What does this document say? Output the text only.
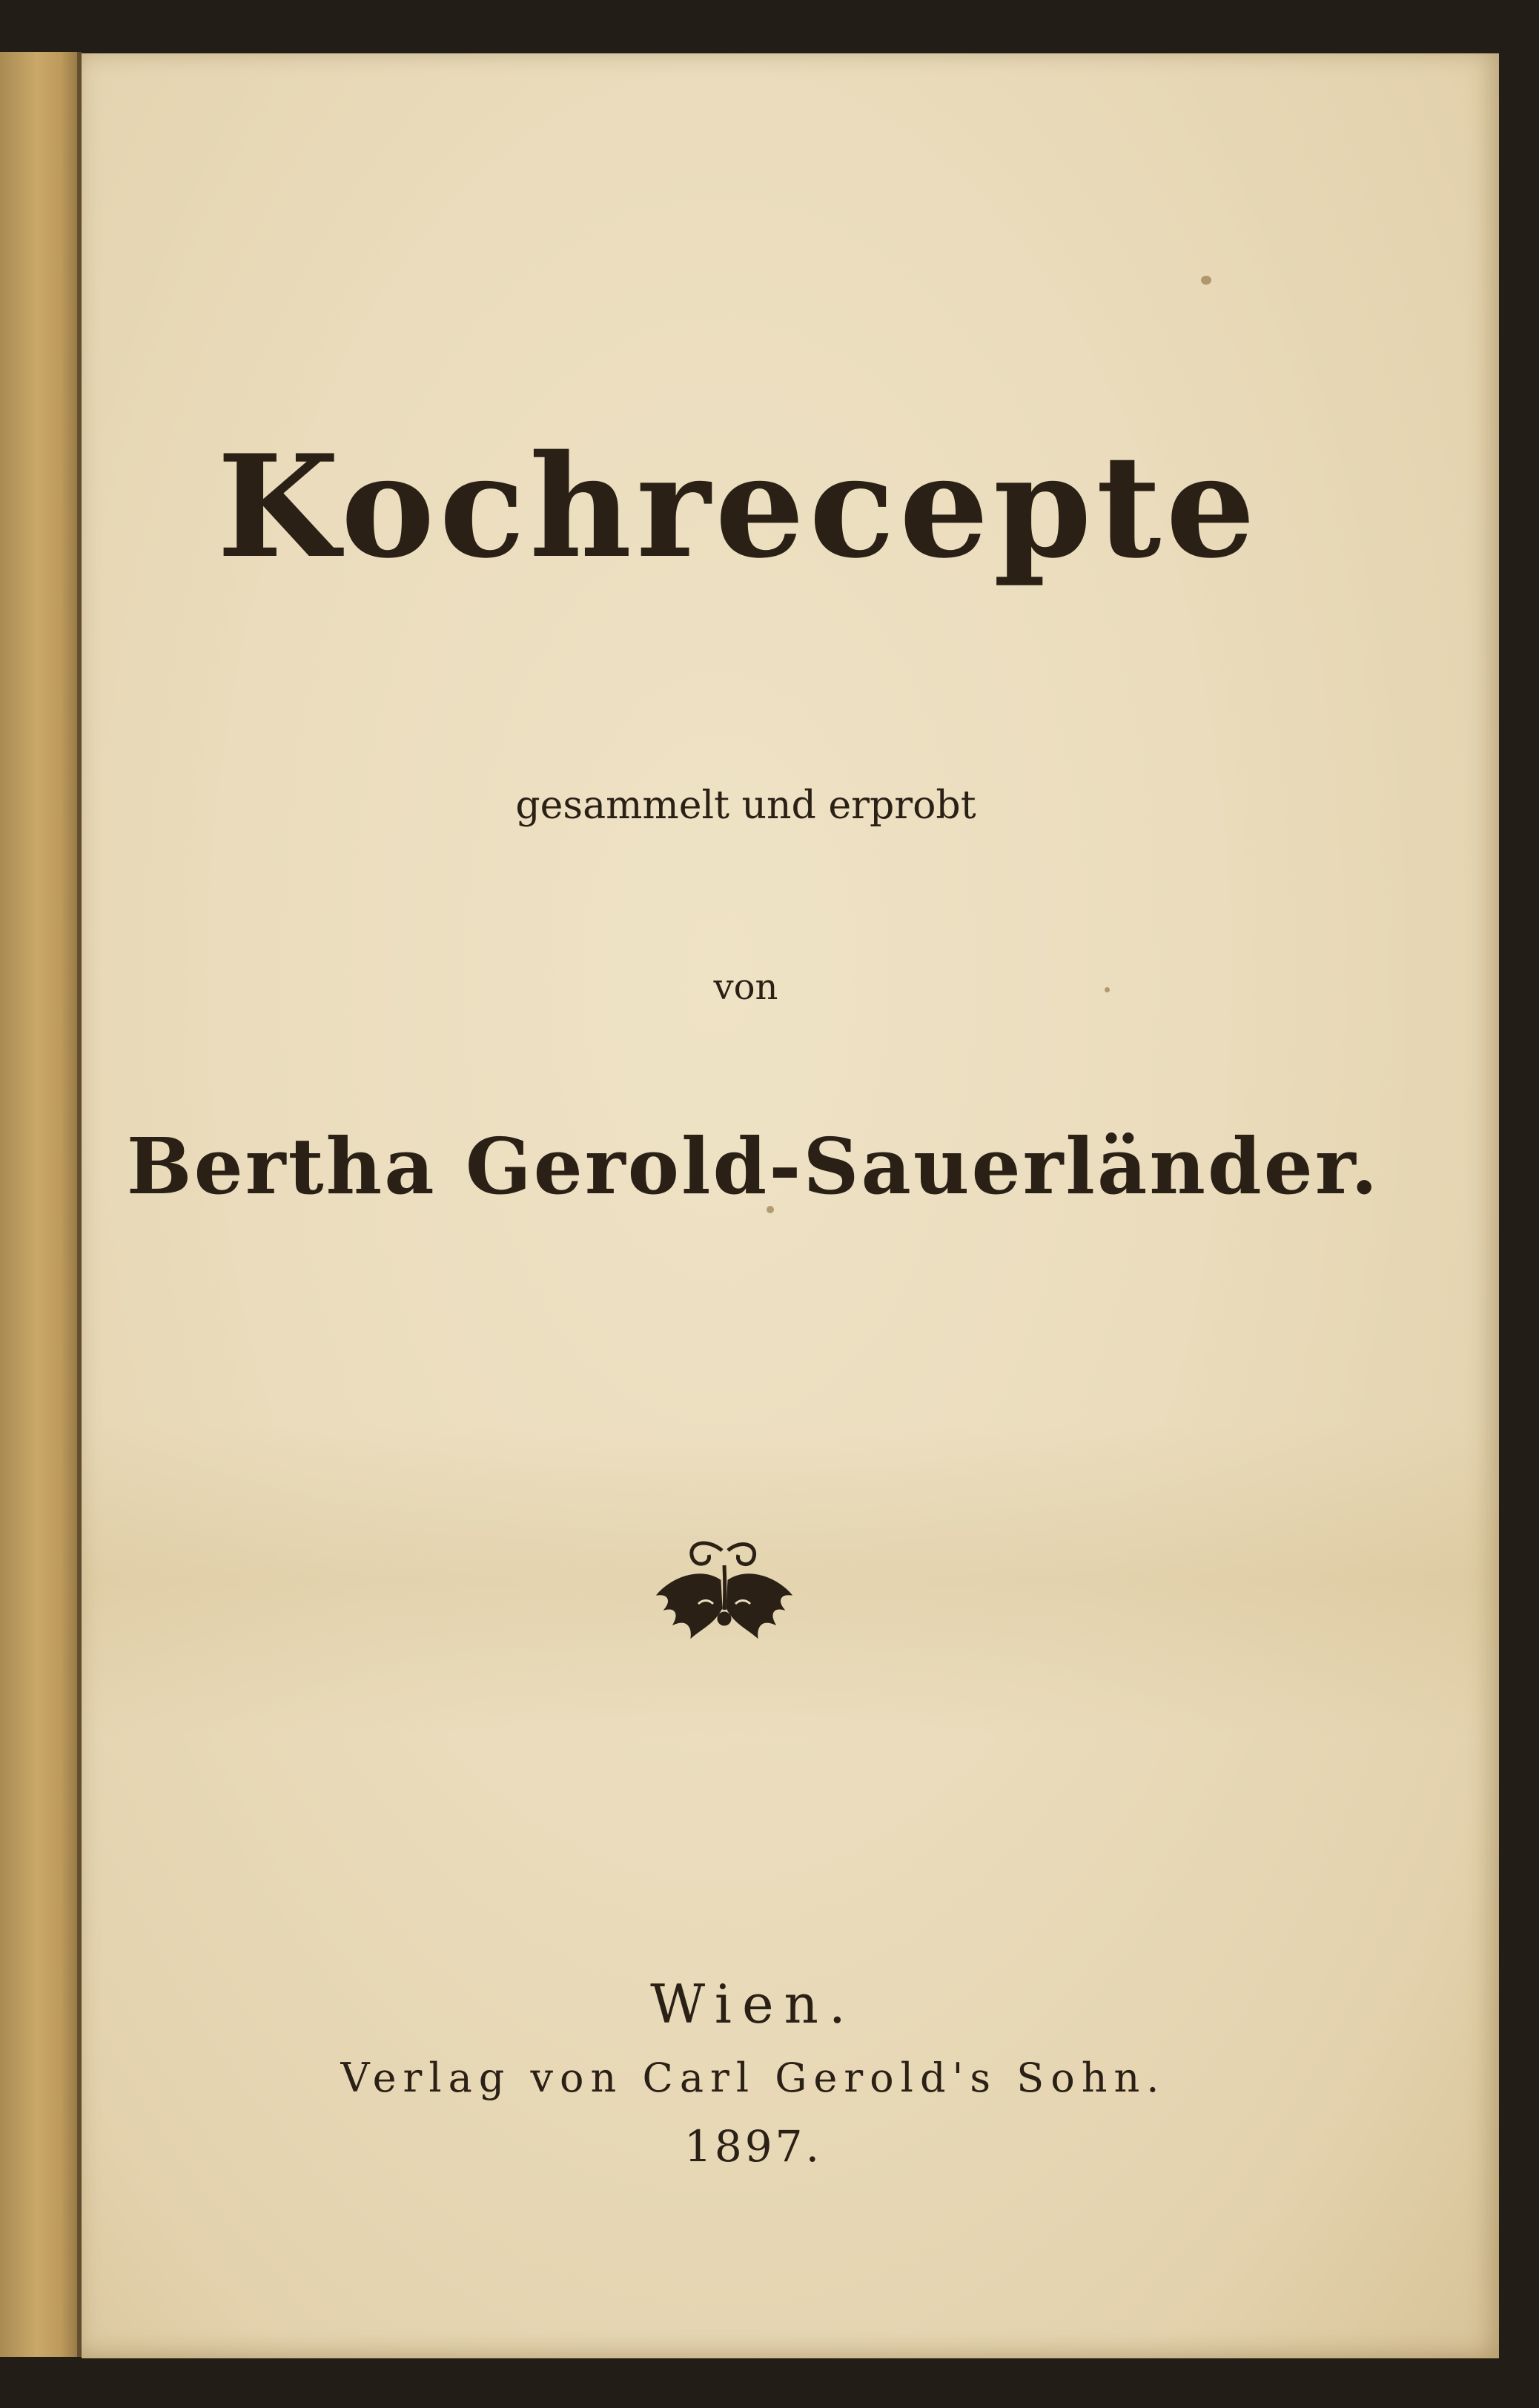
Kochrecepte
gesammelt und erprobt
von
Bertha Gerold-Sauerländer.
Wien.
Verlag von Carl Gerold's Sohn.
1897.
